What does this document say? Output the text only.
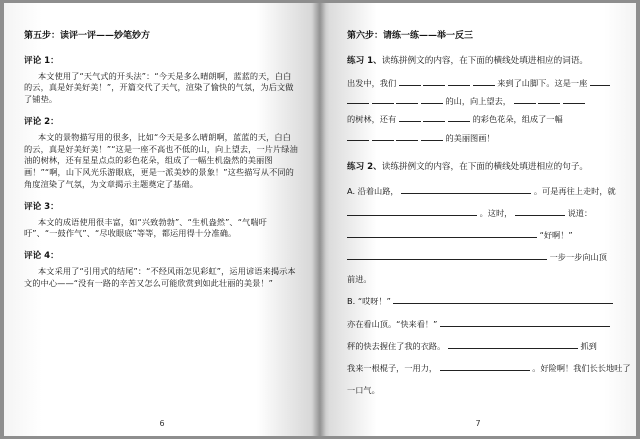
第五步：读评一评——妙笔妙方

评论 1：

本文使用了“天气式的开头法”：“今天是多么晴朗啊，蓝蓝的天，白白的云，真是好美好美！”，开篇交代了天气，渲染了愉快的气氛，为后文做了铺垫。

评论 2：

本文的景物描写用的很多，比如“今天是多么晴朗啊，蓝蓝的天，白白的云，真是好美好美！”“这是一座不高也不低的山，向上望去，一片片绿油油的树林，还有星星点点的彩色花朵，组成了一幅生机盎然的美丽图画！”“啊，山下风光乐游眼底，更是一派美妙的景象！”这些描写从不同的角度渲染了气氛，为文章揭示主题奠定了基础。

评论 3：

本文的成语使用很丰富，如“兴致勃勃”、“生机盎然”、“气喘吁吁”、“一鼓作气”、“尽收眼底”等等，都运用得十分准确。

评论 4：

本文采用了“引用式的结尾”：“不经风雨怎见彩虹”，运用谚语来揭示本文的中心——“没有一路的辛苦又怎么可能欣赏到如此壮丽的美景！”

6

第六步：请练一练——举一反三

练习 1、读练拼例文的内容，在下面的横线处填进相应的词语。

出发中，我们	来到了山脚下。这是一座

的山，向上望去，

的树林，还有	的彩色花朵，组成了一幅

的美丽图画！

练习 2、读练拼例文的内容，在下面的横线处填进相应的句子。

A. 沿着山路，	。可是再往上走时，就

。这时，	说道：

“好啊！”

一步一步向山顶

前进。

B. “哎呀！”

亦在看山顶。“快来看！”

秤的快去握住了我的衣路。	抓到

我来一根棍子，一用力，	。好险啊！我们长长地吐了

一口气。

7
